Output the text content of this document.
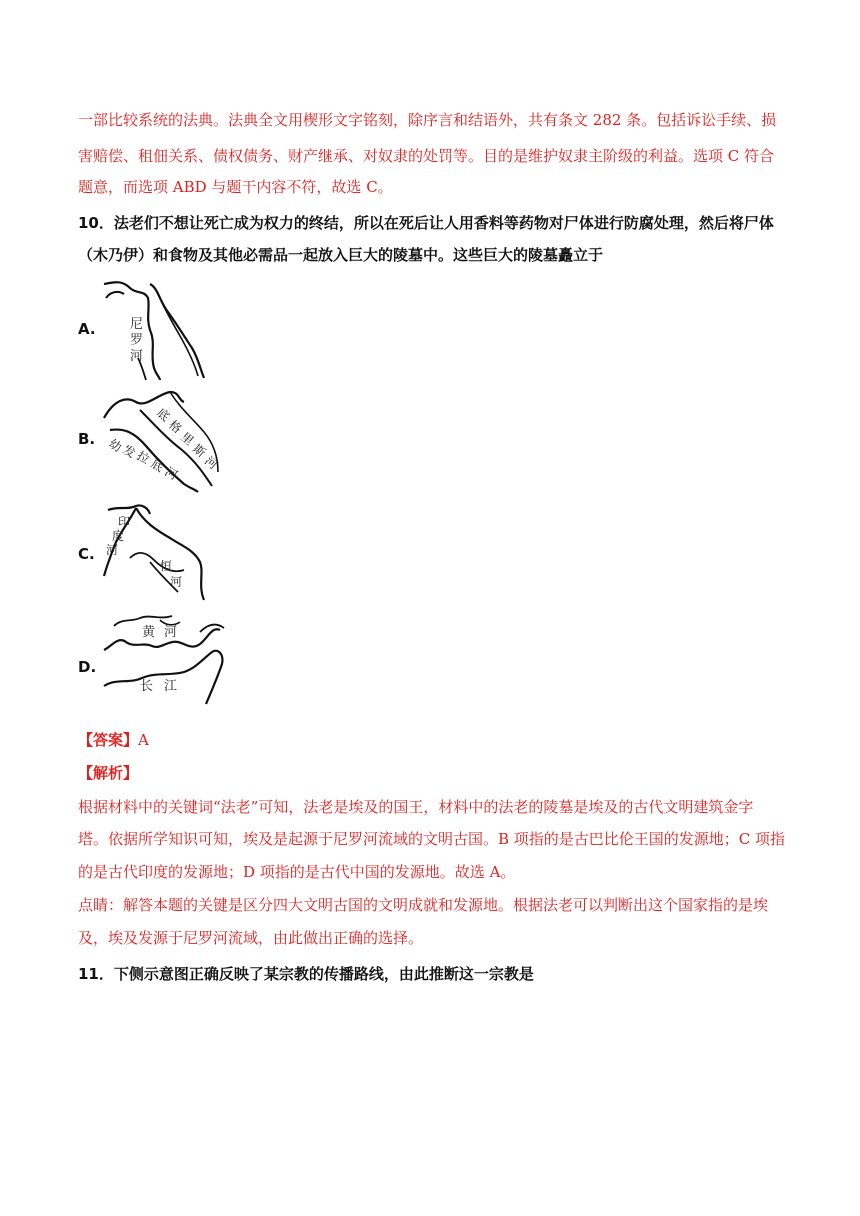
一部比较系统的法典。法典全文用楔形文字铭刻，除序言和结语外，共有条文 282 条。包括诉讼手续、损
害赔偿、租佃关系、债权债务、财产继承、对奴隶的处罚等。目的是维护奴隶主阶级的利益。选项 C 符合
题意，而选项 ABD 与题干内容不符，故选 C。
10．法老们不想让死亡成为权力的终结，所以在死后让人用香料等药物对尸体进行防腐处理，然后将尸体
（木乃伊）和食物及其他必需品一起放入巨大的陵墓中。这些巨大的陵墓矗立于
A.	尼
罗
河
B. 幼
发
拉
底
河
底
格
里
斯
河
C.
印
度
河
恒
河
D.
黄 河
长 江
【答案】A
【解析】
根据材料中的关键词“法老”可知，法老是埃及的国王，材料中的法老的陵墓是埃及的古代文明建筑金字
塔。依据所学知识可知，埃及是起源于尼罗河流域的文明古国。B 项指的是古巴比伦王国的发源地；C 项指
的是古代印度的发源地；D 项指的是古代中国的发源地。故选 A。
点睛：解答本题的关键是区分四大文明古国的文明成就和发源地。根据法老可以判断出这个国家指的是埃
及，埃及发源于尼罗河流域，由此做出正确的选择。
11．下侧示意图正确反映了某宗教的传播路线，由此推断这一宗教是
